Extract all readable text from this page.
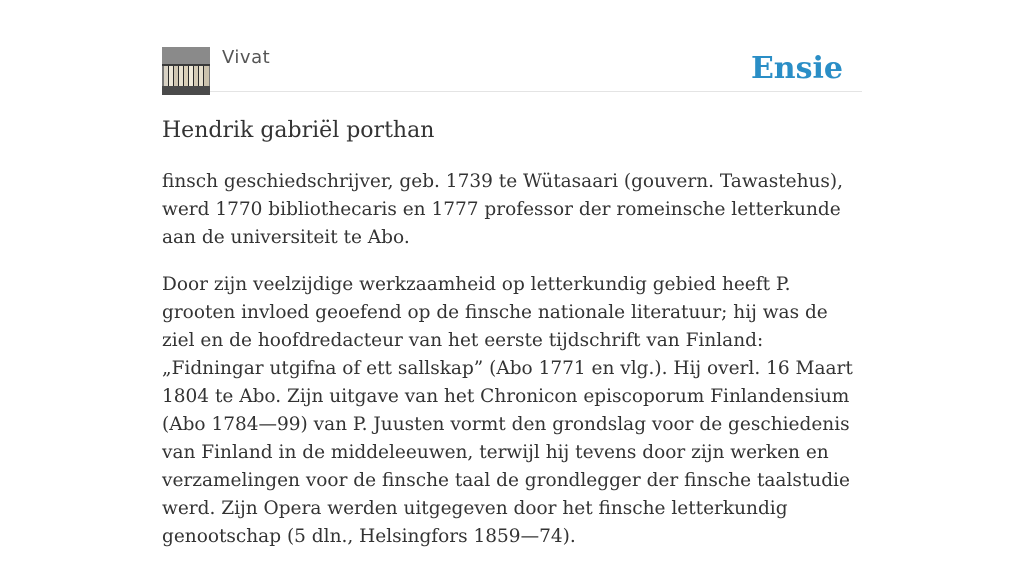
Vivat	Ensie
Hendrik gabriël porthan

finsch geschiedschrijver, geb. 1739 te Wütasaari (gouvern. Tawastehus), werd 1770 bibliothecaris en 1777 professor der romeinsche letterkunde aan de universiteit te Abo.

Door zijn veelzijdige werkzaamheid op letterkundig gebied heeft P. grooten invloed geoefend op de finsche nationale literatuur; hij was de ziel en de hoofdredacteur van het eerste tijdschrift van Finland: „Fidningar utgifna of ett sallskap” (Abo 1771 en vlg.). Hij overl. 16 Maart 1804 te Abo. Zijn uitgave van het Chronicon episcoporum Finlandensium (Abo 1784—99) van P. Juusten vormt den grondslag voor de geschiedenis van Finland in de middeleeuwen, terwijl hij tevens door zijn werken en verzamelingen voor de finsche taal de grondlegger der finsche taalstudie werd. Zijn Opera werden uitgegeven door het finsche letterkundig genootschap (5 dln., Helsingfors 1859—74).
